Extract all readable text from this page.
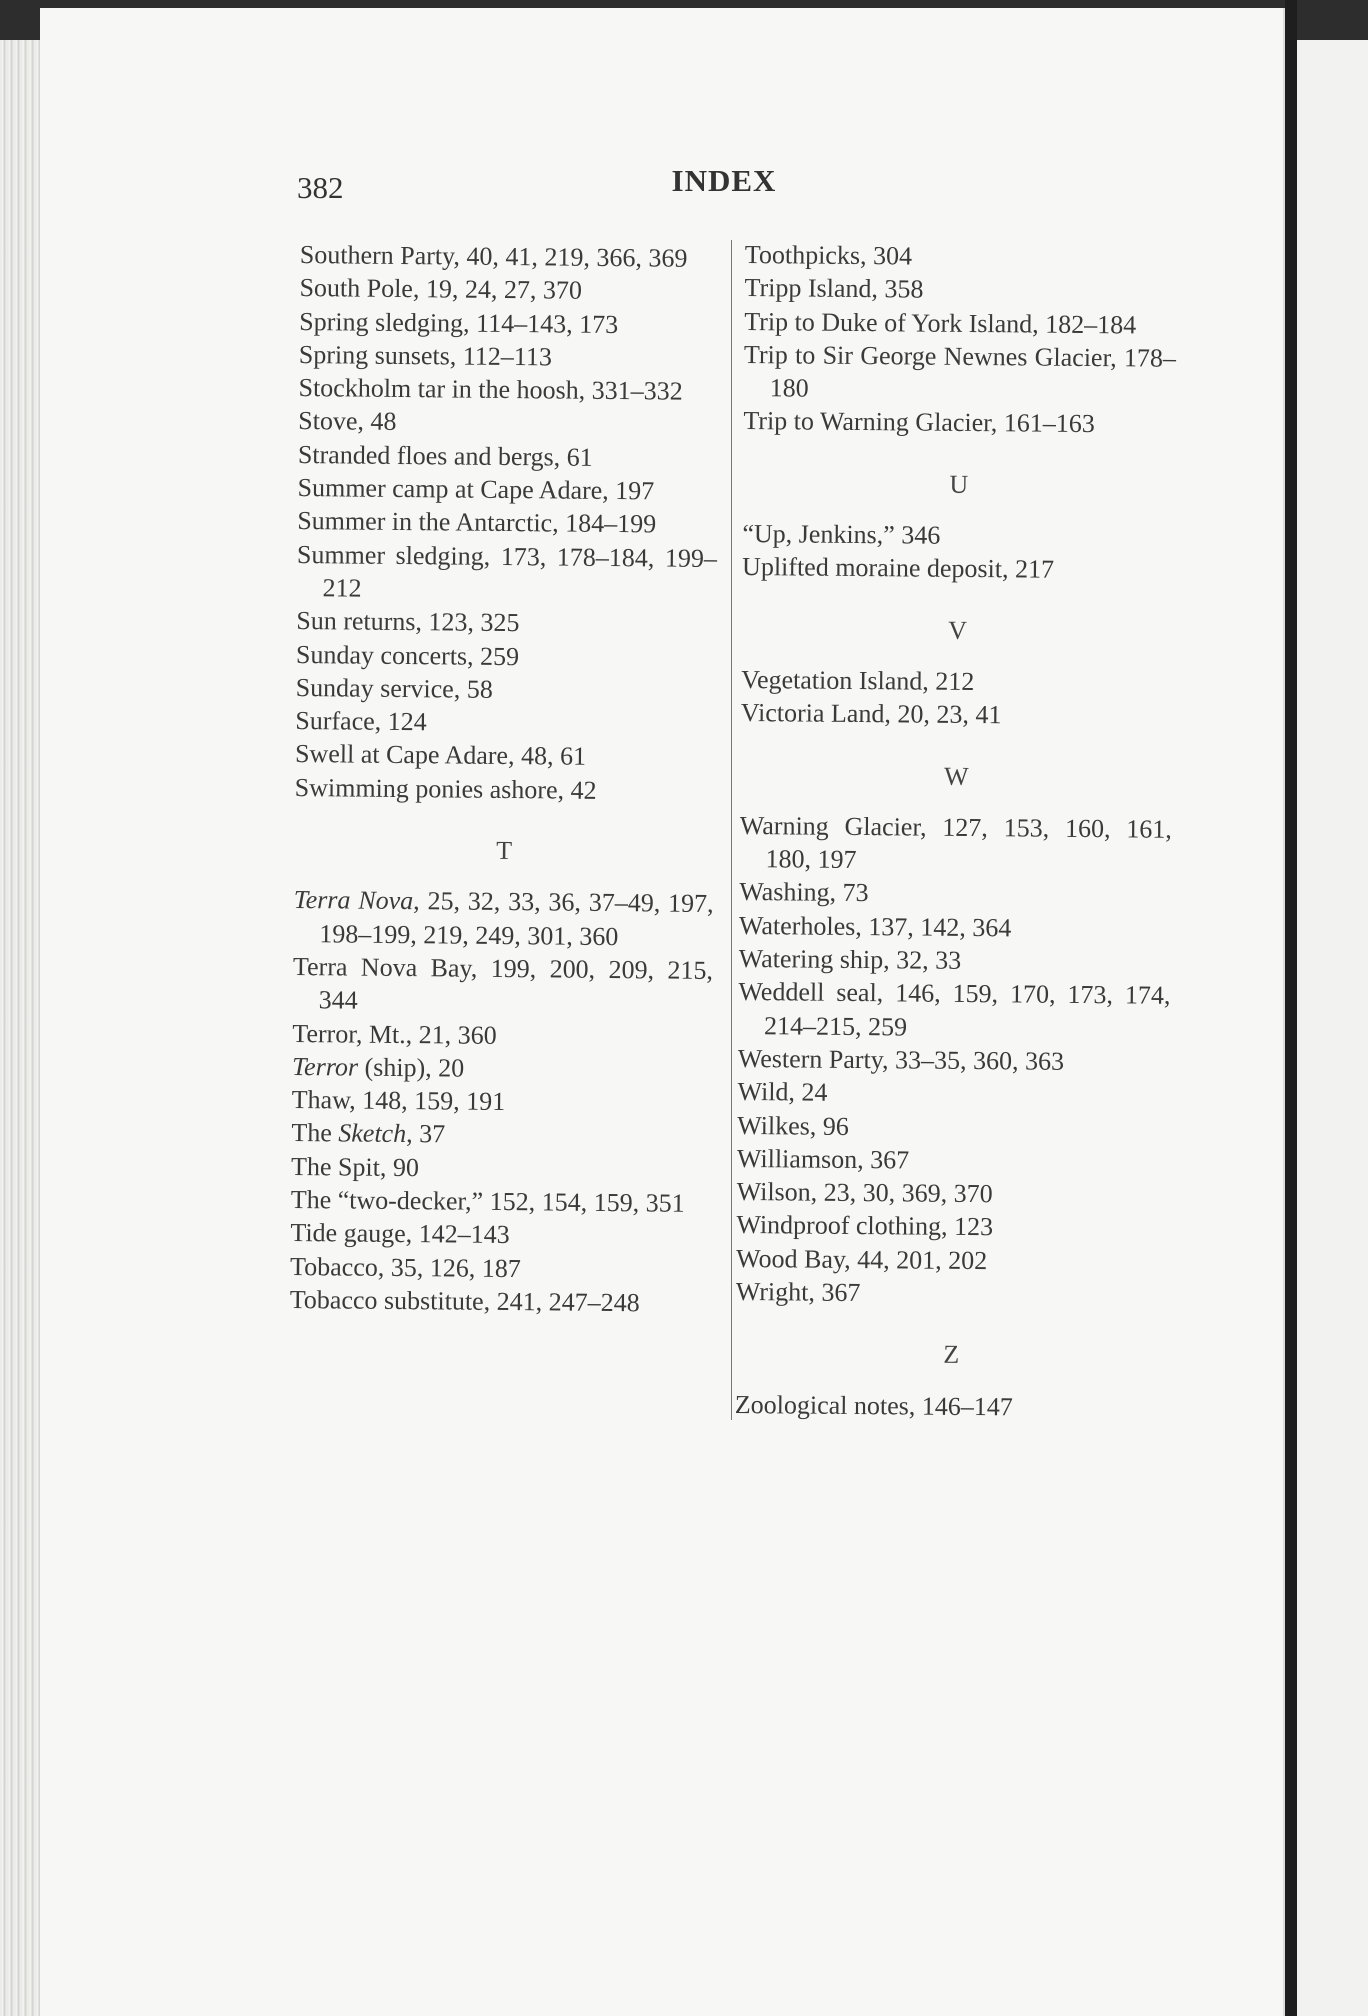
382	INDEX
Southern Party, 40, 41, 219, 366, 369
South Pole, 19, 24, 27, 370
Spring sledging, 114–143, 173
Spring sunsets, 112–113
Stockholm tar in the hoosh, 331–332
Stove, 48
Stranded floes and bergs, 61
Summer camp at Cape Adare, 197
Summer in the Antarctic, 184–199
Summer sledging, 173, 178–184, 199–212
Sun returns, 123, 325
Sunday concerts, 259
Sunday service, 58
Surface, 124
Swell at Cape Adare, 48, 61
Swimming ponies ashore, 42
T
Terra Nova, 25, 32, 33, 36, 37–49, 197, 198–199, 219, 249, 301, 360
Terra Nova Bay, 199, 200, 209, 215, 344
Terror, Mt., 21, 360
Terror (ship), 20
Thaw, 148, 159, 191
The Sketch, 37
The Spit, 90
The “two-decker,” 152, 154, 159, 351
Tide gauge, 142–143
Tobacco, 35, 126, 187
Tobacco substitute, 241, 247–248
Toothpicks, 304
Tripp Island, 358
Trip to Duke of York Island, 182–184
Trip to Sir George Newnes Glacier, 178–180
Trip to Warning Glacier, 161–163
U
“Up, Jenkins,” 346
Uplifted moraine deposit, 217
V
Vegetation Island, 212
Victoria Land, 20, 23, 41
W
Warning Glacier, 127, 153, 160, 161, 180, 197
Washing, 73
Waterholes, 137, 142, 364
Watering ship, 32, 33
Weddell seal, 146, 159, 170, 173, 174, 214–215, 259
Western Party, 33–35, 360, 363
Wild, 24
Wilkes, 96
Williamson, 367
Wilson, 23, 30, 369, 370
Windproof clothing, 123
Wood Bay, 44, 201, 202
Wright, 367
Z
Zoological notes, 146–147
